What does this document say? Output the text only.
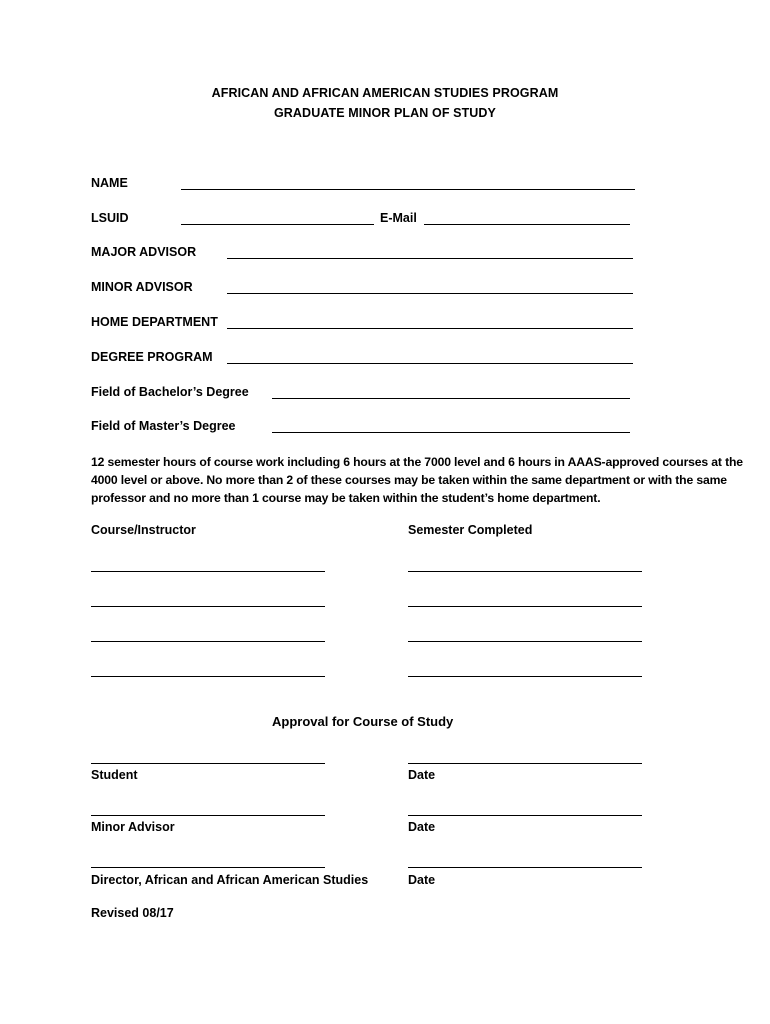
AFRICAN AND AFRICAN AMERICAN STUDIES PROGRAM
GRADUATE MINOR PLAN OF STUDY
NAME
LSUID	E-Mail
MAJOR ADVISOR
MINOR ADVISOR
HOME DEPARTMENT
DEGREE PROGRAM
Field of Bachelor’s Degree
Field of Master’s Degree
12 semester hours of course work including 6 hours at the 7000 level and 6 hours in AAAS-approved courses at the 4000 level or above. No more than 2 of these courses may be taken within the same department or with the same professor and no more than 1 course may be taken within the student’s home department.
Course/Instructor	Semester Completed
Approval for Course of Study
Student	Date
Minor Advisor	Date
Director, African and African American Studies	Date
Revised 08/17
